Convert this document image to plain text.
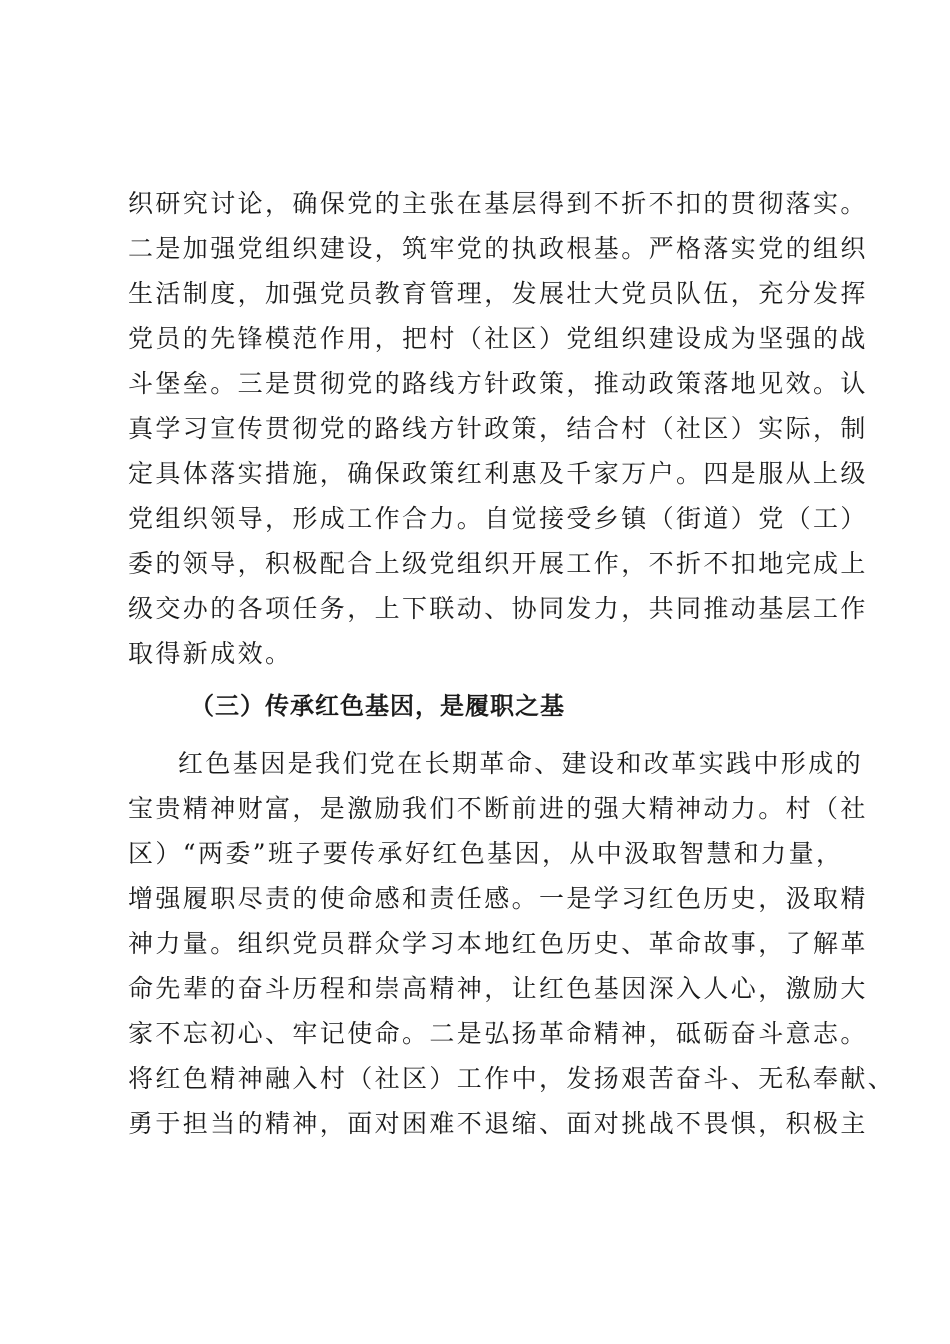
织研究讨论，确保党的主张在基层得到不折不扣的贯彻落实。
二是加强党组织建设，筑牢党的执政根基。严格落实党的组织
生活制度，加强党员教育管理，发展壮大党员队伍，充分发挥
党员的先锋模范作用，把村（社区）党组织建设成为坚强的战
斗堡垒。三是贯彻党的路线方针政策，推动政策落地见效。认
真学习宣传贯彻党的路线方针政策，结合村（社区）实际，制
定具体落实措施，确保政策红利惠及千家万户。四是服从上级
党组织领导，形成工作合力。自觉接受乡镇（街道）党（工）
委的领导，积极配合上级党组织开展工作，不折不扣地完成上
级交办的各项任务，上下联动、协同发力，共同推动基层工作
取得新成效。
（三）传承红色基因，是履职之基
红色基因是我们党在长期革命、建设和改革实践中形成的
宝贵精神财富，是激励我们不断前进的强大精神动力。村（社
区）“两委”班子要传承好红色基因，从中汲取智慧和力量，
增强履职尽责的使命感和责任感。一是学习红色历史，汲取精
神力量。组织党员群众学习本地红色历史、革命故事，了解革
命先辈的奋斗历程和崇高精神，让红色基因深入人心，激励大
家不忘初心、牢记使命。二是弘扬革命精神，砥砺奋斗意志。
将红色精神融入村（社区）工作中，发扬艰苦奋斗、无私奉献、
勇于担当的精神，面对困难不退缩、面对挑战不畏惧，积极主
